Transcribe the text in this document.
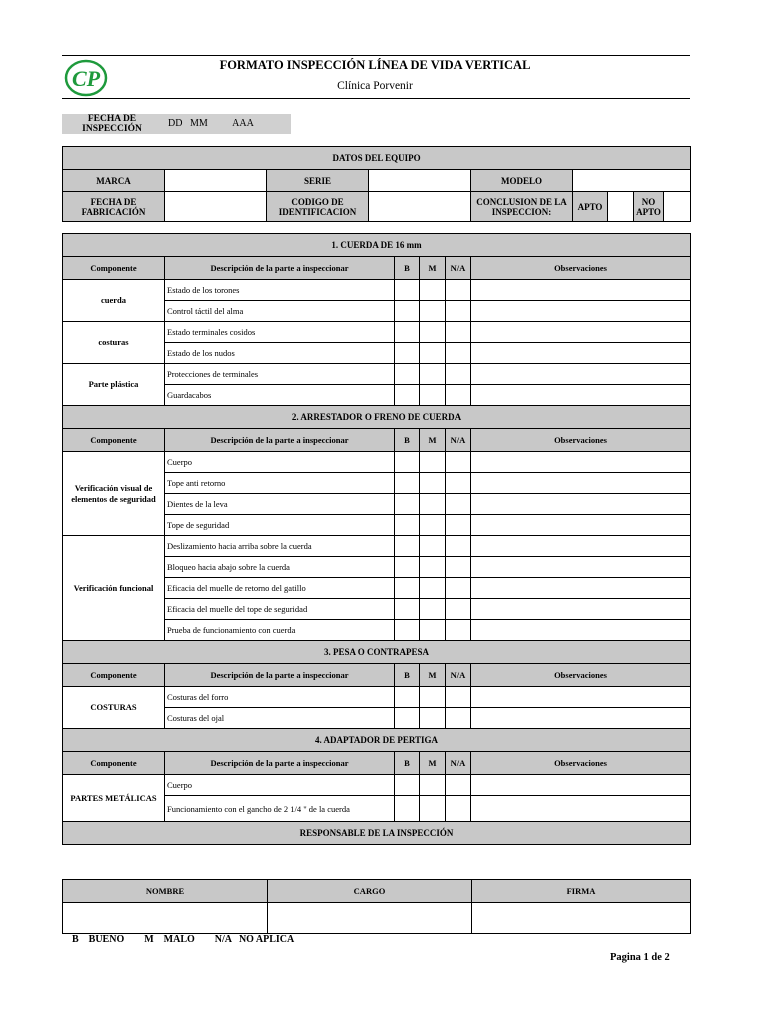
CP
FORMATO INSPECCIÓN LÍNEA DE VIDA VERTICAL
Clínica Porvenir
FECHA DE INSPECCIÓN	DD   MM          AAA
DATOS DEL EQUIPO								
MARCA		SERIE		MODELO				
FECHA DE FABRICACIÓN		CODIGO DE IDENTIFICACION		CONCLUSION DE LA INSPECCION:	APTO		NO APTO	
1. CUERDA DE 16 mm					
Componente	Descripción de la parte a inspeccionar	B	M	N/A	Observaciones
cuerda	Estado de los torones				
	Control táctil del alma				
costuras	Estado terminales cosidos				
	Estado de los nudos				
Parte plástica	Protecciones de terminales				
	Guardacabos				
2. ARRESTADOR O FRENO DE CUERDA					
Componente	Descripción de la parte a inspeccionar	B	M	N/A	Observaciones
Verificación visual de elementos de seguridad	Cuerpo				
	Tope anti retorno				
	Dientes de la leva				
	Tope de seguridad				
Verificación funcional	Deslizamiento hacia arriba sobre la cuerda				
	Bloqueo hacia abajo sobre la cuerda				
	Eficacia del muelle de retorno del gatillo				
	Eficacia del muelle del tope de seguridad				
	Prueba de funcionamiento con cuerda				
3. PESA O CONTRAPESA					
Componente	Descripción de la parte a inspeccionar	B	M	N/A	Observaciones
COSTURAS	Costuras del forro				
	Costuras del ojal				
4. ADAPTADOR DE PERTIGA					
Componente	Descripción de la parte a inspeccionar	B	M	N/A	Observaciones
PARTES METÁLICAS	Cuerpo				
	Funcionamiento con el gancho de 2 1/4 " de la cuerda				
RESPONSABLE DE LA INSPECCIÓN					
NOMBRE	CARGO	FIRMA

B    BUENO        M    MALO        N/A   NO APLICA
Pagina 1 de 2
